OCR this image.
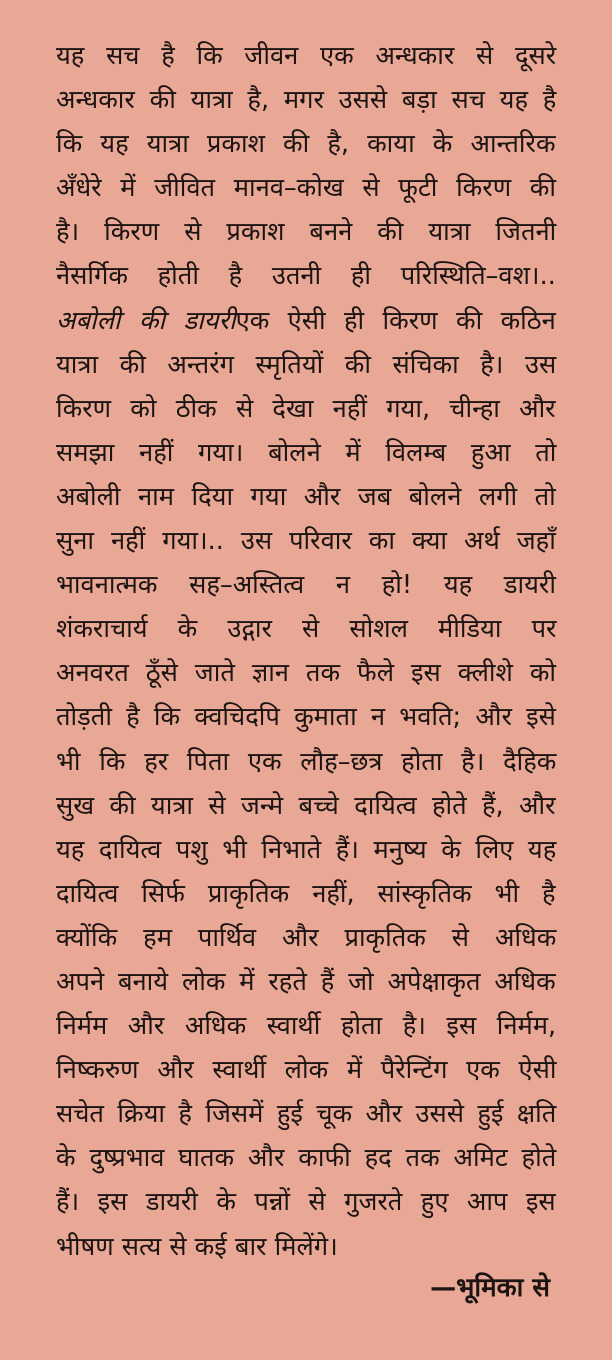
यह सच है कि जीवन एक अन्धकार से दूसरे
अन्धकार की यात्रा है, मगर उससे बड़ा सच यह है
कि यह यात्रा प्रकाश की है, काया के आन्तरिक
अँधेरे में जीवित मानव–कोख से फूटी किरण की
है। किरण से प्रकाश बनने की यात्रा जितनी
नैसर्गिक होती है उतनी ही परिस्थिति–वश।..
अबोली की डायरीएक ऐसी ही किरण की कठिन
यात्रा की अन्तरंग स्मृतियों की संचिका है। उस
किरण को ठीक से देखा नहीं गया, चीन्हा और
समझा नहीं गया। बोलने में विलम्ब हुआ तो
अबोली नाम दिया गया और जब बोलने लगी तो
सुना नहीं गया।.. उस परिवार का क्या अर्थ जहाँ
भावनात्मक सह–अस्तित्व न हो! यह डायरी
शंकराचार्य के उद्गार से सोशल मीडिया पर
अनवरत ठूँसे जाते ज्ञान तक फैले इस क्लीशे को
तोड़ती है कि क्वचिदपि कुमाता न भवति; और इसे
भी कि हर पिता एक लौह–छत्र होता है। दैहिक
सुख की यात्रा से जन्मे बच्चे दायित्व होते हैं, और
यह दायित्व पशु भी निभाते हैं। मनुष्य के लिए यह
दायित्व सिर्फ प्राकृतिक नहीं, सांस्कृतिक भी है
क्योंकि हम पार्थिव और प्राकृतिक से अधिक
अपने बनाये लोक में रहते हैं जो अपेक्षाकृत अधिक
निर्मम और अधिक स्वार्थी होता है। इस निर्मम,
निष्करुण और स्वार्थी लोक में पैरेन्टिंग एक ऐसी
सचेत क्रिया है जिसमें हुई चूक और उससे हुई क्षति
के दुष्प्रभाव घातक और काफी हद तक अमिट होते
हैं। इस डायरी के पन्नों से गुजरते हुए आप इस
भीषण सत्य से कई बार मिलेंगे।
—भूमिका से
